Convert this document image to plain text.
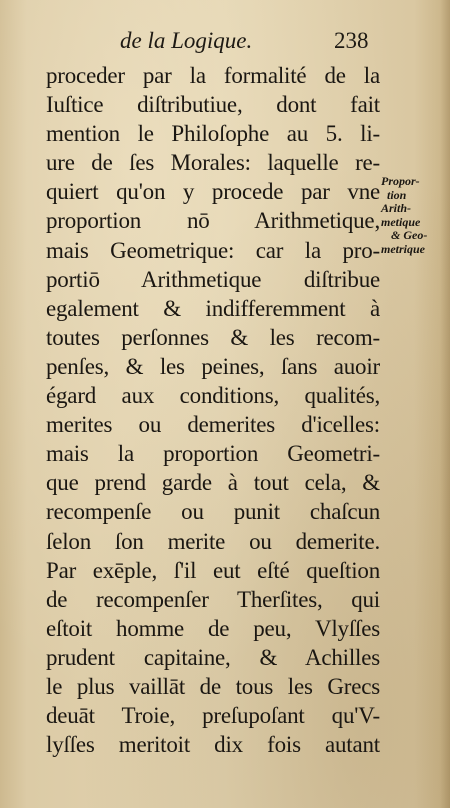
de la Logique.	238
proceder par la formalité de la
Iuſtice diſtributiue, dont fait
mention le Philoſophe au 5. li-
ure de ſes Morales: laquelle re-
quiert qu'on y procede par vne
proportion nō Arithmetique,
mais Geometrique: car la pro-
portiō Arithmetique diſtribue
egalement & indifferemment à
toutes perſonnes & les recom-
penſes, & les peines, ſans auoir
égard aux conditions, qualités,
merites ou demerites d'icelles:
mais la proportion Geometri-
que prend garde à tout cela, &
recompenſe ou punit chaſcun
ſelon ſon merite ou demerite.
Par exēple, ſ'il eut eſté queſtion
de recompenſer Therſites, qui
eſtoit homme de peu, Vlyſſes
prudent capitaine, & Achilles
le plus vaillāt de tous les Grecs
deuāt Troie, preſupoſant qu'V-
lyſſes meritoit dix fois autant
Propor-
tion
Arith-
metique
& Geo-
metrique
